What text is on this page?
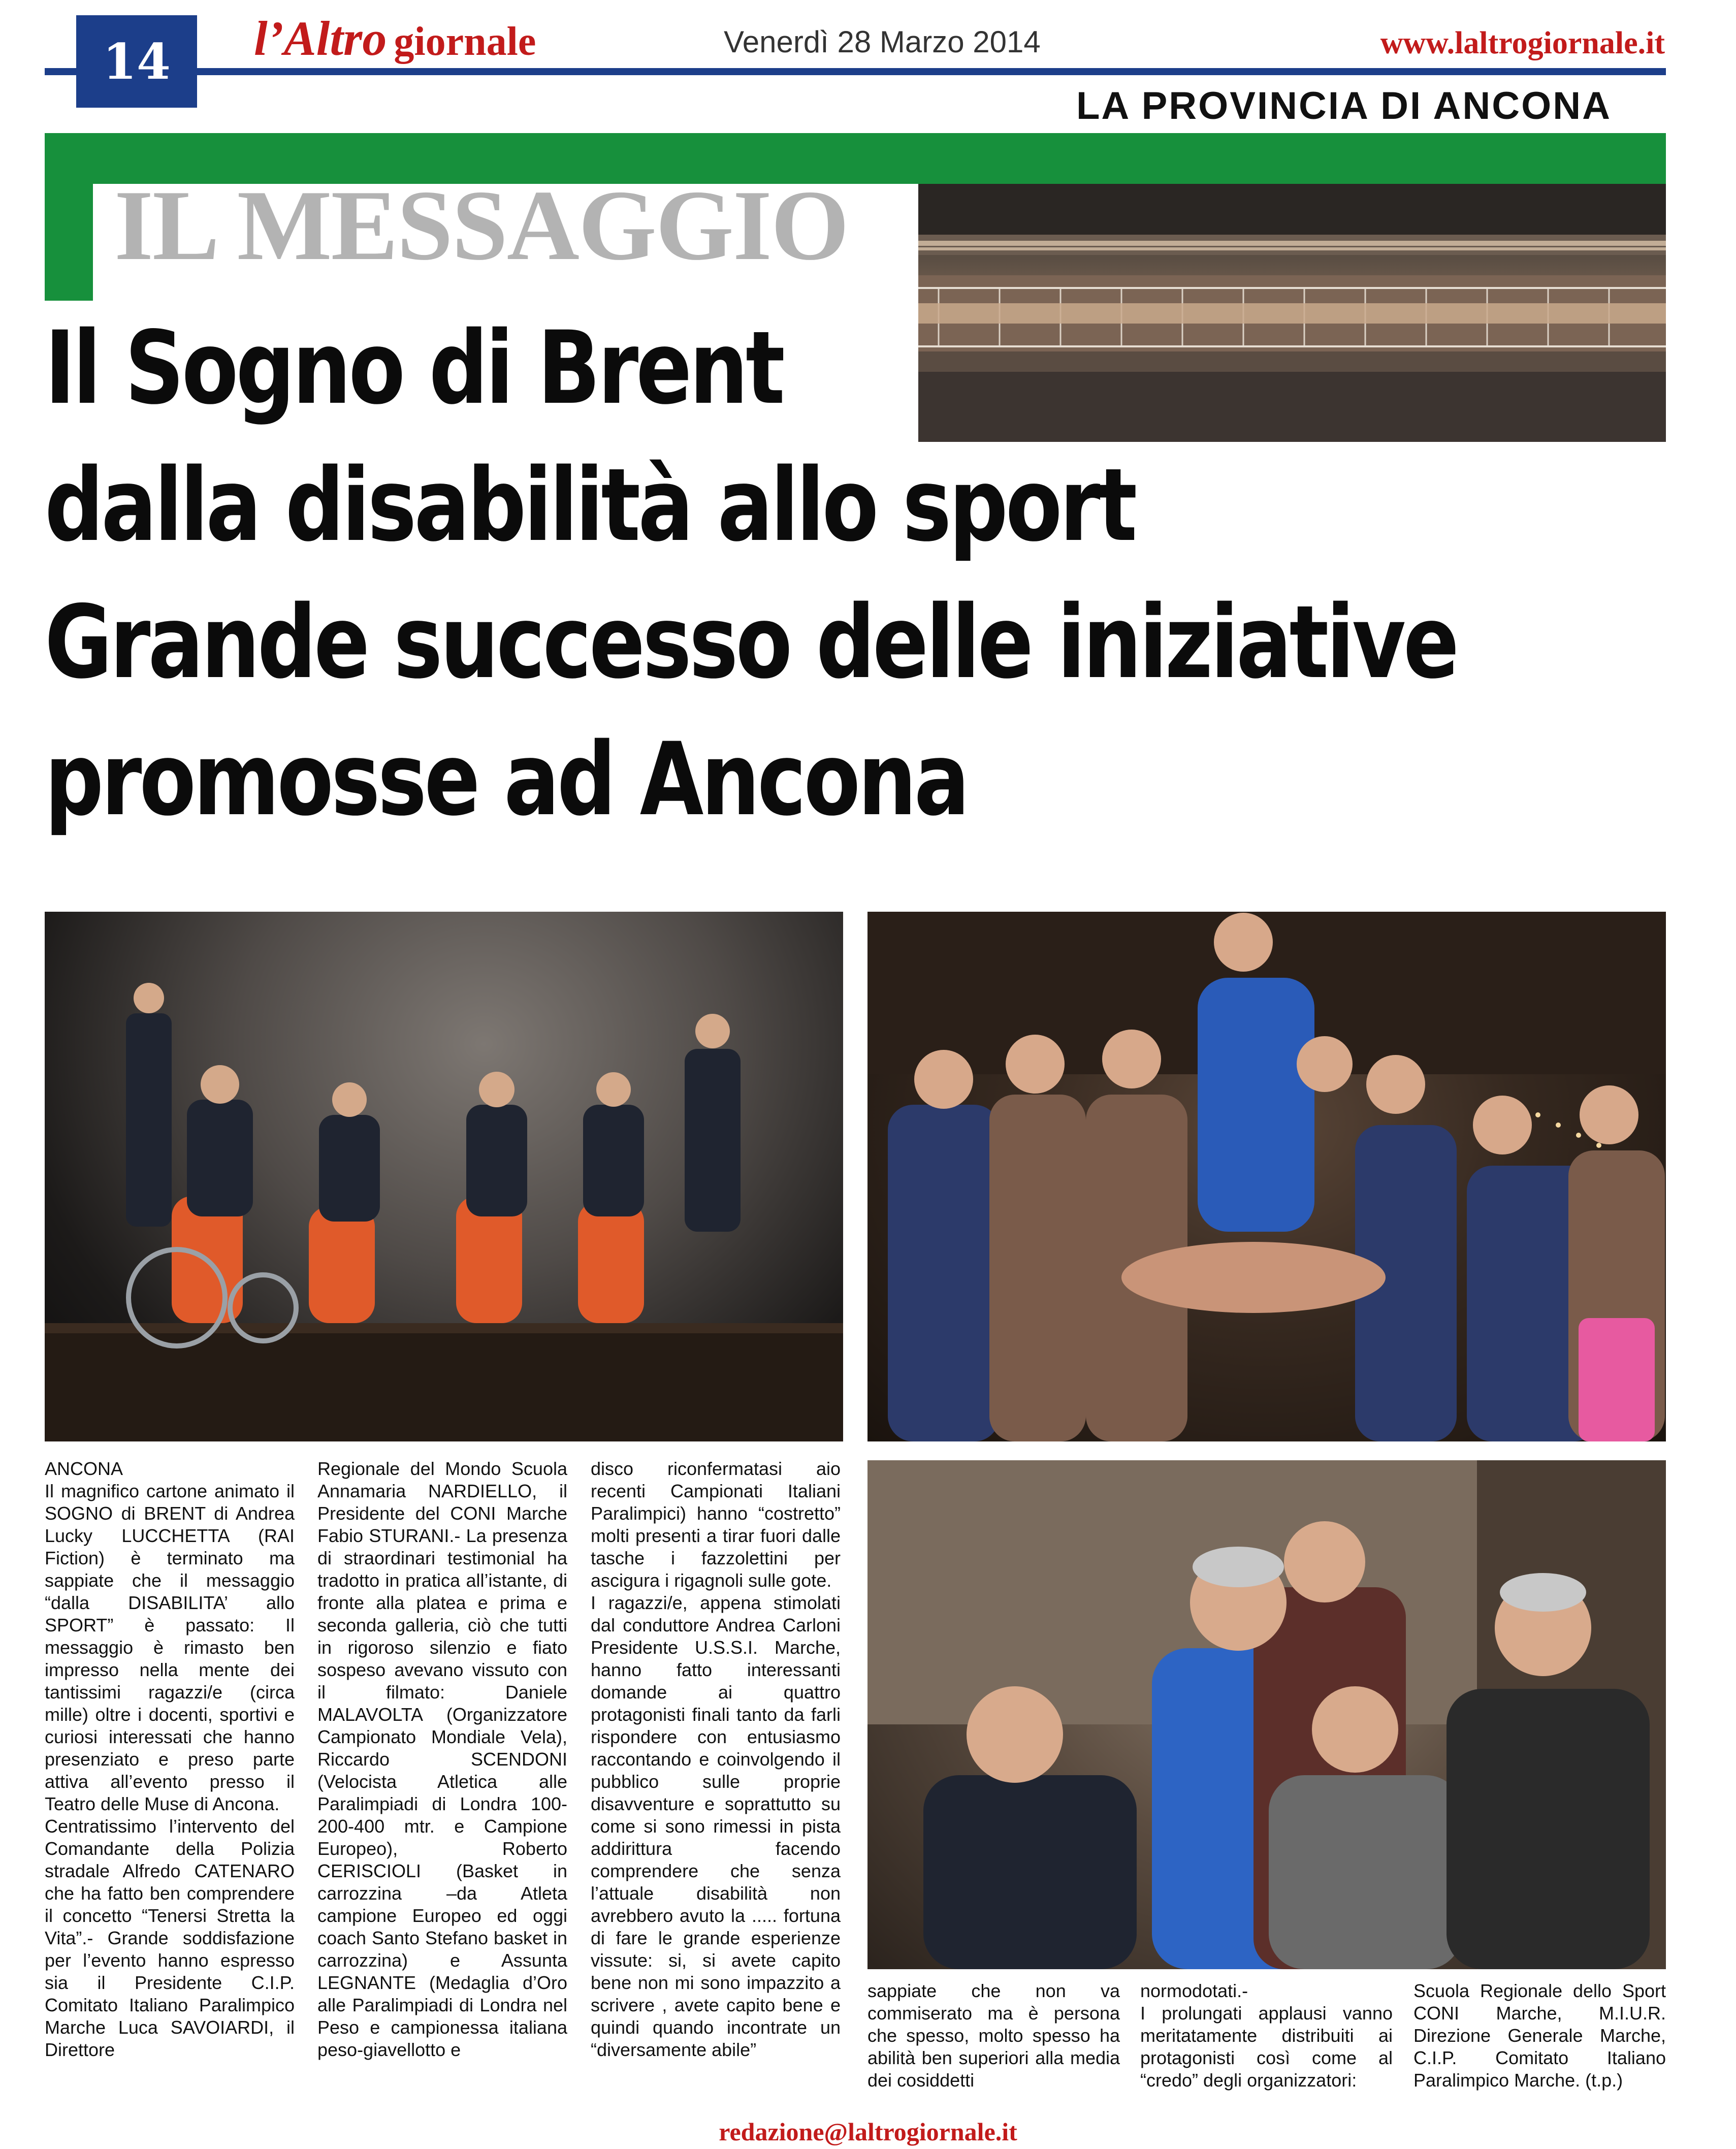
14	l’Altro giornale	Venerdì 28 Marzo 2014	www.laltrogiornale.it
LA PROVINCIA DI ANCONA
IL MESSAGGIO
Il Sogno di Brent
dalla disabilità allo sport
Grande successo delle iniziative
promosse ad Ancona

ANCONA
Il magnifico cartone animato il SOGNO di BRENT di Andrea Lucky LUCCHETTA (RAI Fiction) è terminato ma sappiate che il messaggio “dalla DISABILITA’ allo SPORT” è passato: Il messaggio è rimasto ben impresso nella mente dei tantissimi ragazzi/e (circa mille) oltre i docenti, sportivi e curiosi interessati che hanno presenziato e preso parte attiva all’evento presso il Teatro delle Muse di Ancona.
Centratissimo l’intervento del Comandante della Polizia stradale Alfredo CATENARO che ha fatto ben comprendere il concetto “Tenersi Stretta la Vita”.- Grande soddisfazione per l’evento hanno espresso sia il Presidente C.I.P. Comitato Italiano Paralimpico Marche Luca SAVOIARDI, il Direttore

Regionale del Mondo Scuola Annamaria NARDIELLO, il Presidente del CONI Marche Fabio STURANI.- La presenza di straordinari testimonial ha tradotto in pratica all’istante, di fronte alla platea e prima e seconda galleria, ciò che tutti in rigoroso silenzio e fiato sospeso avevano vissuto con il filmato: Daniele MALAVOLTA (Organizzatore Campionato Mondiale Vela), Riccardo SCENDONI (Velocista Atletica alle Paralimpiadi di Londra 100-200-400 mtr. e Campione Europeo), Roberto CERISCIOLI (Basket in carrozzina –da Atleta campione Europeo ed oggi coach Santo Stefano basket in carrozzina) e Assunta LEGNANTE (Medaglia d’Oro alle Paralimpiadi di Londra nel Peso e campionessa italiana peso-giavellotto e

disco riconfermatasi aio recenti Campionati Italiani Paralimpici) hanno “costretto” molti presenti a tirar fuori dalle tasche i fazzolettini per ascigura i rigagnoli sulle gote.
I ragazzi/e, appena stimolati dal conduttore Andrea Carloni Presidente U.S.S.I. Marche, hanno fatto interessanti domande ai quattro protagonisti finali tanto da farli rispondere con entusiasmo raccontando e coinvolgendo il pubblico sulle proprie disavventure e soprattutto su come si sono rimessi in pista addirittura facendo comprendere che senza l’attuale disabilità non avrebbero avuto la ..... fortuna di fare le grande esperienze vissute: si, si avete capito bene non mi sono impazzito a scrivere , avete capito bene e quindi quando incontrate un “diversamente abile”

sappiate che non va commiserato ma è persona che spesso, molto spesso ha abilità ben superiori alla media dei cosiddetti

normodotati.-
I prolungati applausi vanno meritatamente distribuiti ai protagonisti così come al “credo” degli organizzatori:

Scuola Regionale dello Sport CONI Marche, M.I.U.R. Direzione Generale Marche, C.I.P. Comitato Italiano Paralimpico Marche. (t.p.)

redazione@laltrogiornale.it
